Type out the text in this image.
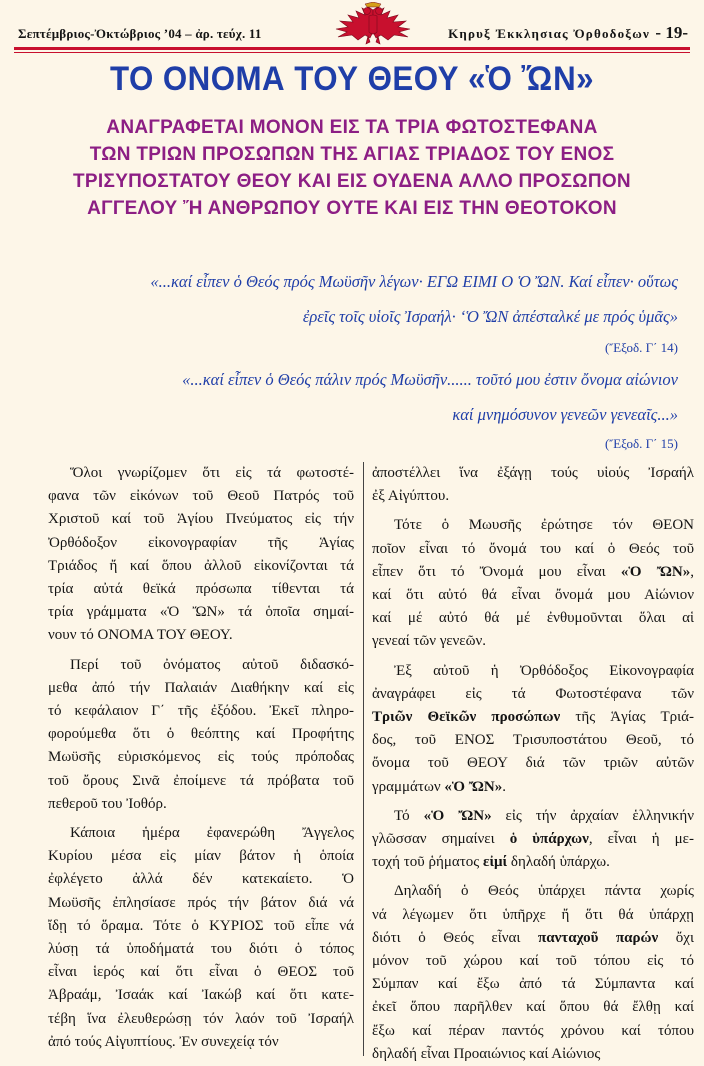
Σεπτέμβριος-Ὀκτώβριος ’04 – ἀρ. τεύχ. 11	Κηρυξ Ἐκκλησιας Ὀρθοδοξων - 19-
ΤΟ ΟΝΟΜΑ ΤΟΥ ΘΕΟΥ «Ὁ ὬΝ»
ΑΝΑΓΡΑΦΕΤΑΙ ΜΟΝΟΝ ΕΙΣ ΤΑ ΤΡΙΑ ΦΩΤΟΣΤΕΦΑΝΑ
ΤΩΝ ΤΡΙΩΝ ΠΡΟΣΩΠΩΝ ΤΗΣ ΑΓΙΑΣ ΤΡΙΑΔΟΣ ΤΟΥ ΕΝΟΣ
ΤΡΙΣΥΠΟΣΤΑΤΟΥ ΘΕΟΥ ΚΑΙ ΕΙΣ ΟΥΔΕΝΑ ΑΛΛΟ ΠΡΟΣΩΠΟΝ
ΑΓΓΕΛΟΥ Ἤ ΑΝΘΡΩΠΟΥ ΟΥΤΕ ΚΑΙ ΕΙΣ ΤΗΝ ΘΕΟΤΟΚΟΝ
«...καί εἶπεν ὁ Θεός πρός Μωϋσῆν λέγων· ΕΓΩ ΕΙΜΙ Ο Ὁ ὬΝ. Καί εἶπεν· οὕτως
ἐρεῖς τοῖς υἱοῖς Ἰσραήλ· ‘Ὁ ὬΝ ἀπέσταλκέ με πρός ὑμᾶς»
(Ἔξοδ. Γ΄ 14)
«...καί εἶπεν ὁ Θεός πάλιν πρός Μωϋσῆν...... τοῦτό μου ἐστιν ὄνομα αἰώνιον
καί μνημόσυνον γενεῶν γενεαῖς...»
(Ἔξοδ. Γ΄ 15)

Ὅλοι γνωρίζομεν ὅτι εἰς τά φωτοστέ-
φανα τῶν εἰκόνων τοῦ Θεοῦ Πατρός τοῦ
Χριστοῦ καί τοῦ Ἁγίου Πνεύματος εἰς τήν
Ὀρθόδοξον εἰκονογραφίαν τῆς Ἁγίας
Τριάδος ἤ καί ὅπου ἀλλοῦ εἰκονίζονται τά
τρία αὐτά θεϊκά πρόσωπα τίθενται τά
τρία γράμματα «Ὁ ὬΝ» τά ὁποῖα σημαί-
νουν τό ΟΝΟΜΑ ΤΟΥ ΘΕΟΥ.

Περί τοῦ ὀνόματος αὐτοῦ διδασκό-
μεθα ἀπό τήν Παλαιάν Διαθήκην καί εἰς
τό κεφάλαιον Γ΄ τῆς ἐξόδου. Ἐκεῖ πληρο-
φορούμεθα ὅτι ὁ θεόπτης καί Προφήτης
Μωϋσῆς εὑρισκόμενος εἰς τούς πρόποδας
τοῦ ὄρους Σινᾶ ἐποίμενε τά πρόβατα τοῦ
πεθεροῦ του Ἰοθόρ.

Κάποια ἡμέρα ἐφανερώθη Ἄγγελος
Κυρίου μέσα εἰς μίαν βάτον ἡ ὁποία
ἐφλέγετο ἀλλά δέν κατεκαίετο. Ὁ
Μωϋσῆς ἐπλησίασε πρός τήν βάτον διά νά
ἴδῃ τό ὅραμα. Τότε ὁ ΚΥΡΙΟΣ τοῦ εἶπε νά
λύσῃ τά ὑποδήματά του διότι ὁ τόπος
εἶναι ἱερός καί ὅτι εἶναι ὁ ΘΕΟΣ τοῦ
Ἀβραάμ, Ἰσαάκ καί Ἰακώβ καί ὅτι κατε-
τέβη ἵνα ἐλευθερώσῃ τόν λαόν τοῦ Ἰσραήλ
ἀπό τούς Αἰγυπτίους. Ἐν συνεχείᾳ τόν

ἀποστέλλει ἵνα ἐξάγῃ τούς υἱούς Ἰσραήλ
ἐξ Αἰγύπτου.

Τότε ὁ Μωυσῆς ἐρώτησε τόν ΘΕΟΝ
ποῖον εἶναι τό ὄνομά του καί ὁ Θεός τοῦ
εἶπεν ὅτι τό Ὄνομά μου εἶναι «Ὁ ὬΝ»,
καί ὅτι αὐτό θά εἶναι ὄνομά μου Αἰώνιον
καί μέ αὐτό θά μέ ἐνθυμοῦνται ὅλαι αἱ
γενεαί τῶν γενεῶν.

Ἐξ αὐτοῦ ἡ Ὀρθόδοξος Εἰκονογραφία
ἀναγράφει εἰς τά Φωτοστέφανα τῶν
Τριῶν Θεϊκῶν προσώπων τῆς Ἁγίας Τριά-
δος, τοῦ ΕΝΟΣ Τρισυποστάτου Θεοῦ, τό
ὄνομα τοῦ ΘΕΟΥ διά τῶν τριῶν αὐτῶν
γραμμάτων «Ὁ ὬΝ».

Τό «Ὁ ὬΝ» εἰς τήν ἀρχαίαν ἑλληνικήν
γλῶσσαν σημαίνει ὁ ὑπάρχων, εἶναι ἡ με-
τοχή τοῦ ῥήματος εἰμί δηλαδή ὑπάρχω.

Δηλαδή ὁ Θεός ὑπάρχει πάντα χωρίς
νά λέγωμεν ὅτι ὑπῆρχε ἤ ὅτι θά ὑπάρχῃ
διότι ὁ Θεός εἶναι πανταχοῦ παρών ὄχι
μόνον τοῦ χώρου καί τοῦ τόπου εἰς τό
Σύμπαν καί ἔξω ἀπό τά Σύμπαντα καί
ἐκεῖ ὅπου παρῆλθεν καί ὅπου θά ἔλθῃ καί
ἔξω καί πέραν παντός χρόνου καί τόπου
δηλαδή εἶναι Προαιώνιος καί Αἰώνιος
